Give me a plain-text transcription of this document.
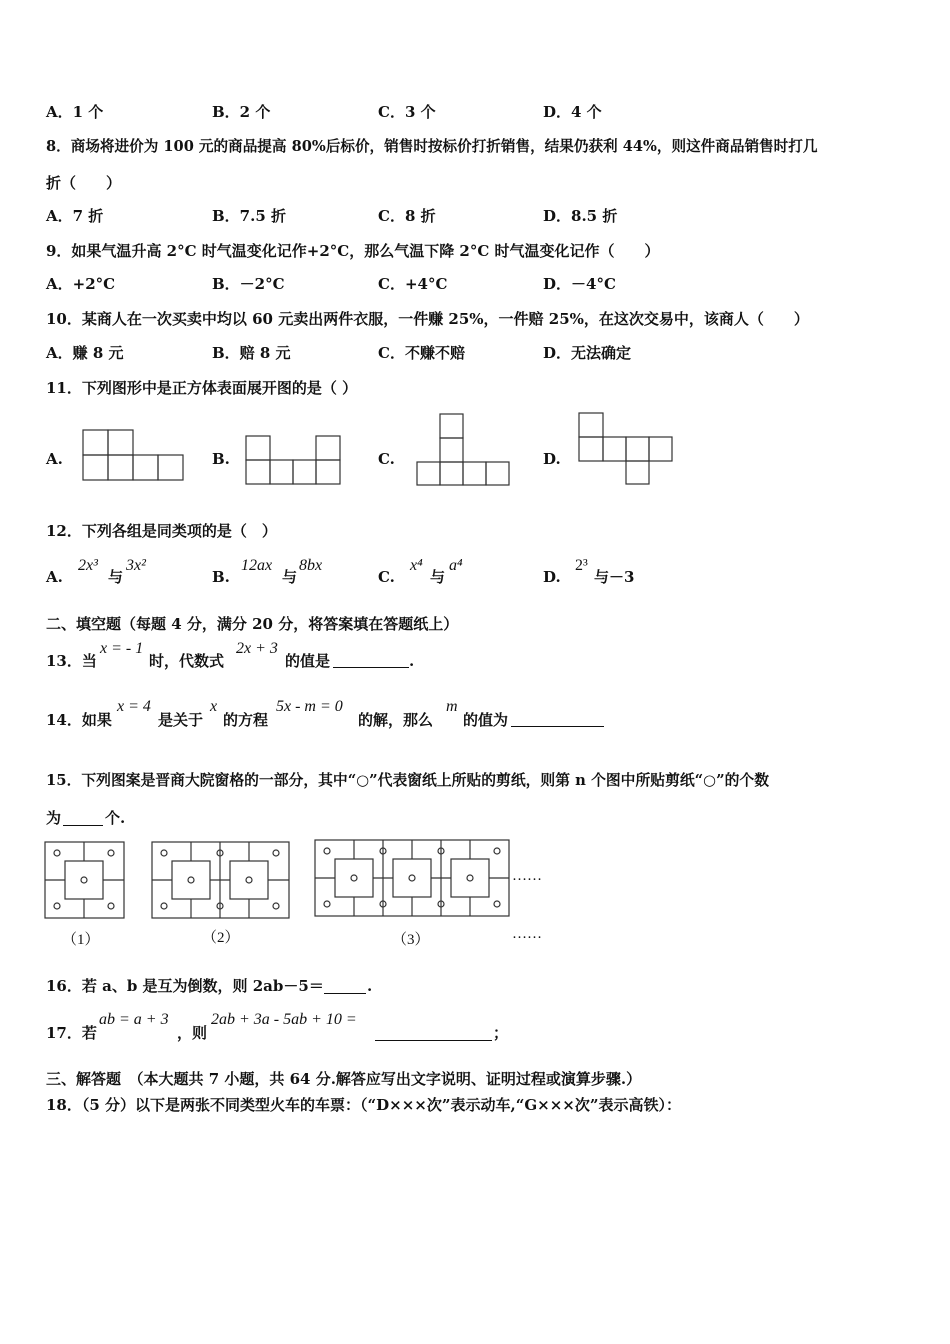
A．1 个	B．2 个	C．3 个	D．4 个
8．商场将进价为 100 元的商品提高 80%后标价，销售时按标价打折销售，结果仍获利 44%，则这件商品销售时打几
折（　　）
A．7 折	B．7.5 折	C．8 折	D．8.5 折
9．如果气温升高 2°C 时气温变化记作+2°C，那么气温下降 2°C 时气温变化记作（　　）
A．+2°C	B．－2°C	C．+4°C	D．－4°C
10．某商人在一次买卖中均以 60 元卖出两件衣服，一件赚 25%，一件赔 25%，在这次交易中，该商人（　　）
A．赚 8 元	B．赔 8 元	C．不赚不赔	D．无法确定
11．下列图形中是正方体表面展开图的是（ ）
A.	B.	C.	D.
12．下列各组是同类项的是（　）
A.
2x³
与
3x²
B.
12ax
与
8bx
C.
x⁴
与
a⁴
D.
2³
与－3
二、填空题（每题 4 分，满分 20 分，将答案填在答题纸上）
13．当
x = - 1
时，代数式
2x + 3
的值是	.
14．如果
x = 4
是关于
x
的方程
5x - m = 0
的解，那么
m
的值为
15．下列图案是晋商大院窗格的一部分，其中“○”代表窗纸上所贴的剪纸，则第 n 个图中所贴剪纸“○”的个数
为	个.
……
（1）	（2）	（3）	……
16．若 a、b 是互为倒数，则 2ab－5＝	.
17．若
ab = a + 3
，则
2ab + 3a - 5ab + 10 =
；
三、解答题　（本大题共 7 小题，共 64 分.解答应写出文字说明、证明过程或演算步骤.）
18．（5 分）以下是两张不同类型火车的车票：（“D×××次”表示动车,“G×××次”表示高铁）：
